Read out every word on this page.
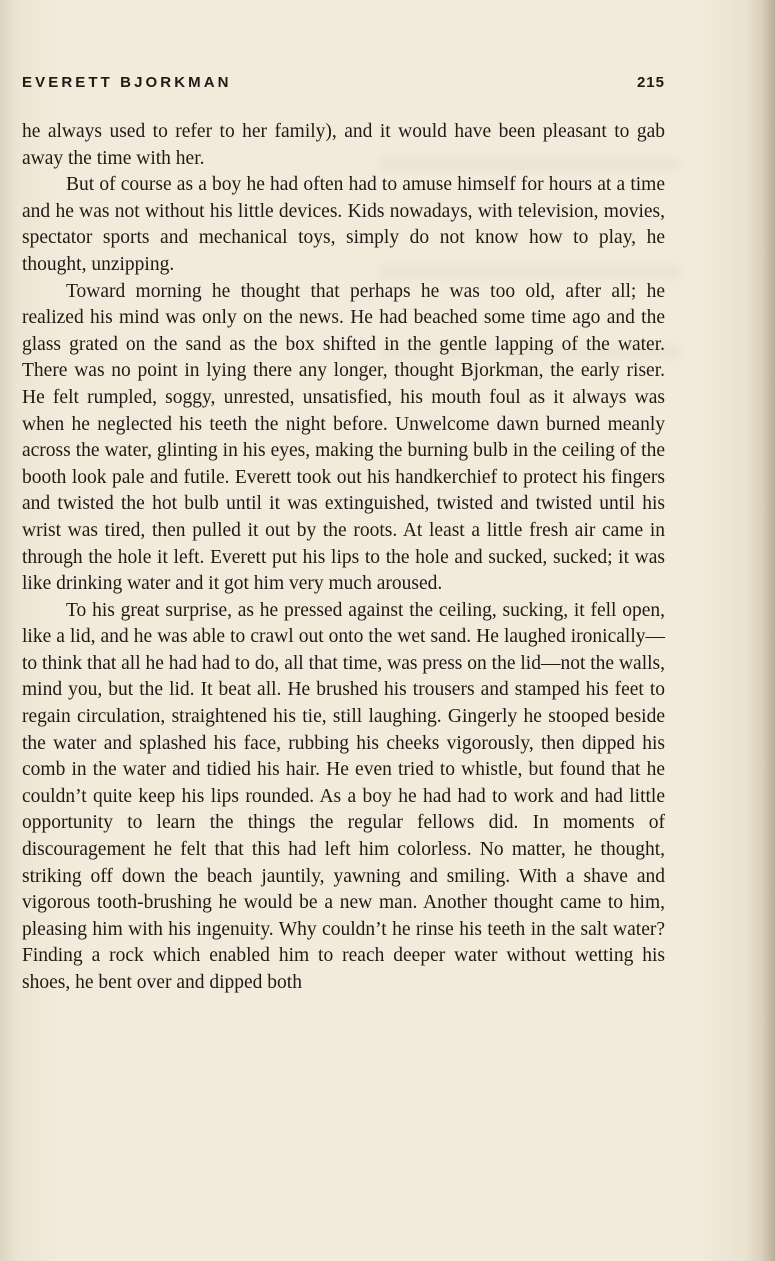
EVERETT BJORKMAN	215

he always used to refer to her family), and it would have been pleasant to gab away the time with her.

But of course as a boy he had often had to amuse himself for hours at a time and he was not without his little devices. Kids nowadays, with television, movies, spectator sports and mechanical toys, simply do not know how to play, he thought, unzipping.

Toward morning he thought that perhaps he was too old, after all; he realized his mind was only on the news. He had beached some time ago and the glass grated on the sand as the box shifted in the gentle lapping of the water. There was no point in lying there any longer, thought Bjorkman, the early riser. He felt rumpled, soggy, unrested, unsatisfied, his mouth foul as it always was when he neglected his teeth the night before. Unwelcome dawn burned meanly across the water, glinting in his eyes, making the burning bulb in the ceiling of the booth look pale and futile. Everett took out his handkerchief to protect his fingers and twisted the hot bulb until it was extinguished, twisted and twisted until his wrist was tired, then pulled it out by the roots. At least a little fresh air came in through the hole it left. Everett put his lips to the hole and sucked, sucked; it was like drinking water and it got him very much aroused.

To his great surprise, as he pressed against the ceiling, sucking, it fell open, like a lid, and he was able to crawl out onto the wet sand. He laughed ironically—to think that all he had had to do, all that time, was press on the lid—not the walls, mind you, but the lid. It beat all. He brushed his trousers and stamped his feet to regain circulation, straightened his tie, still laughing. Gingerly he stooped beside the water and splashed his face, rubbing his cheeks vigorously, then dipped his comb in the water and tidied his hair. He even tried to whistle, but found that he couldn’t quite keep his lips rounded. As a boy he had had to work and had little opportunity to learn the things the regular fellows did. In moments of discouragement he felt that this had left him colorless. No matter, he thought, striking off down the beach jauntily, yawning and smiling. With a shave and vigorous tooth-brushing he would be a new man. Another thought came to him, pleasing him with his ingenuity. Why couldn’t he rinse his teeth in the salt water? Finding a rock which enabled him to reach deeper water without wetting his shoes, he bent over and dipped both
